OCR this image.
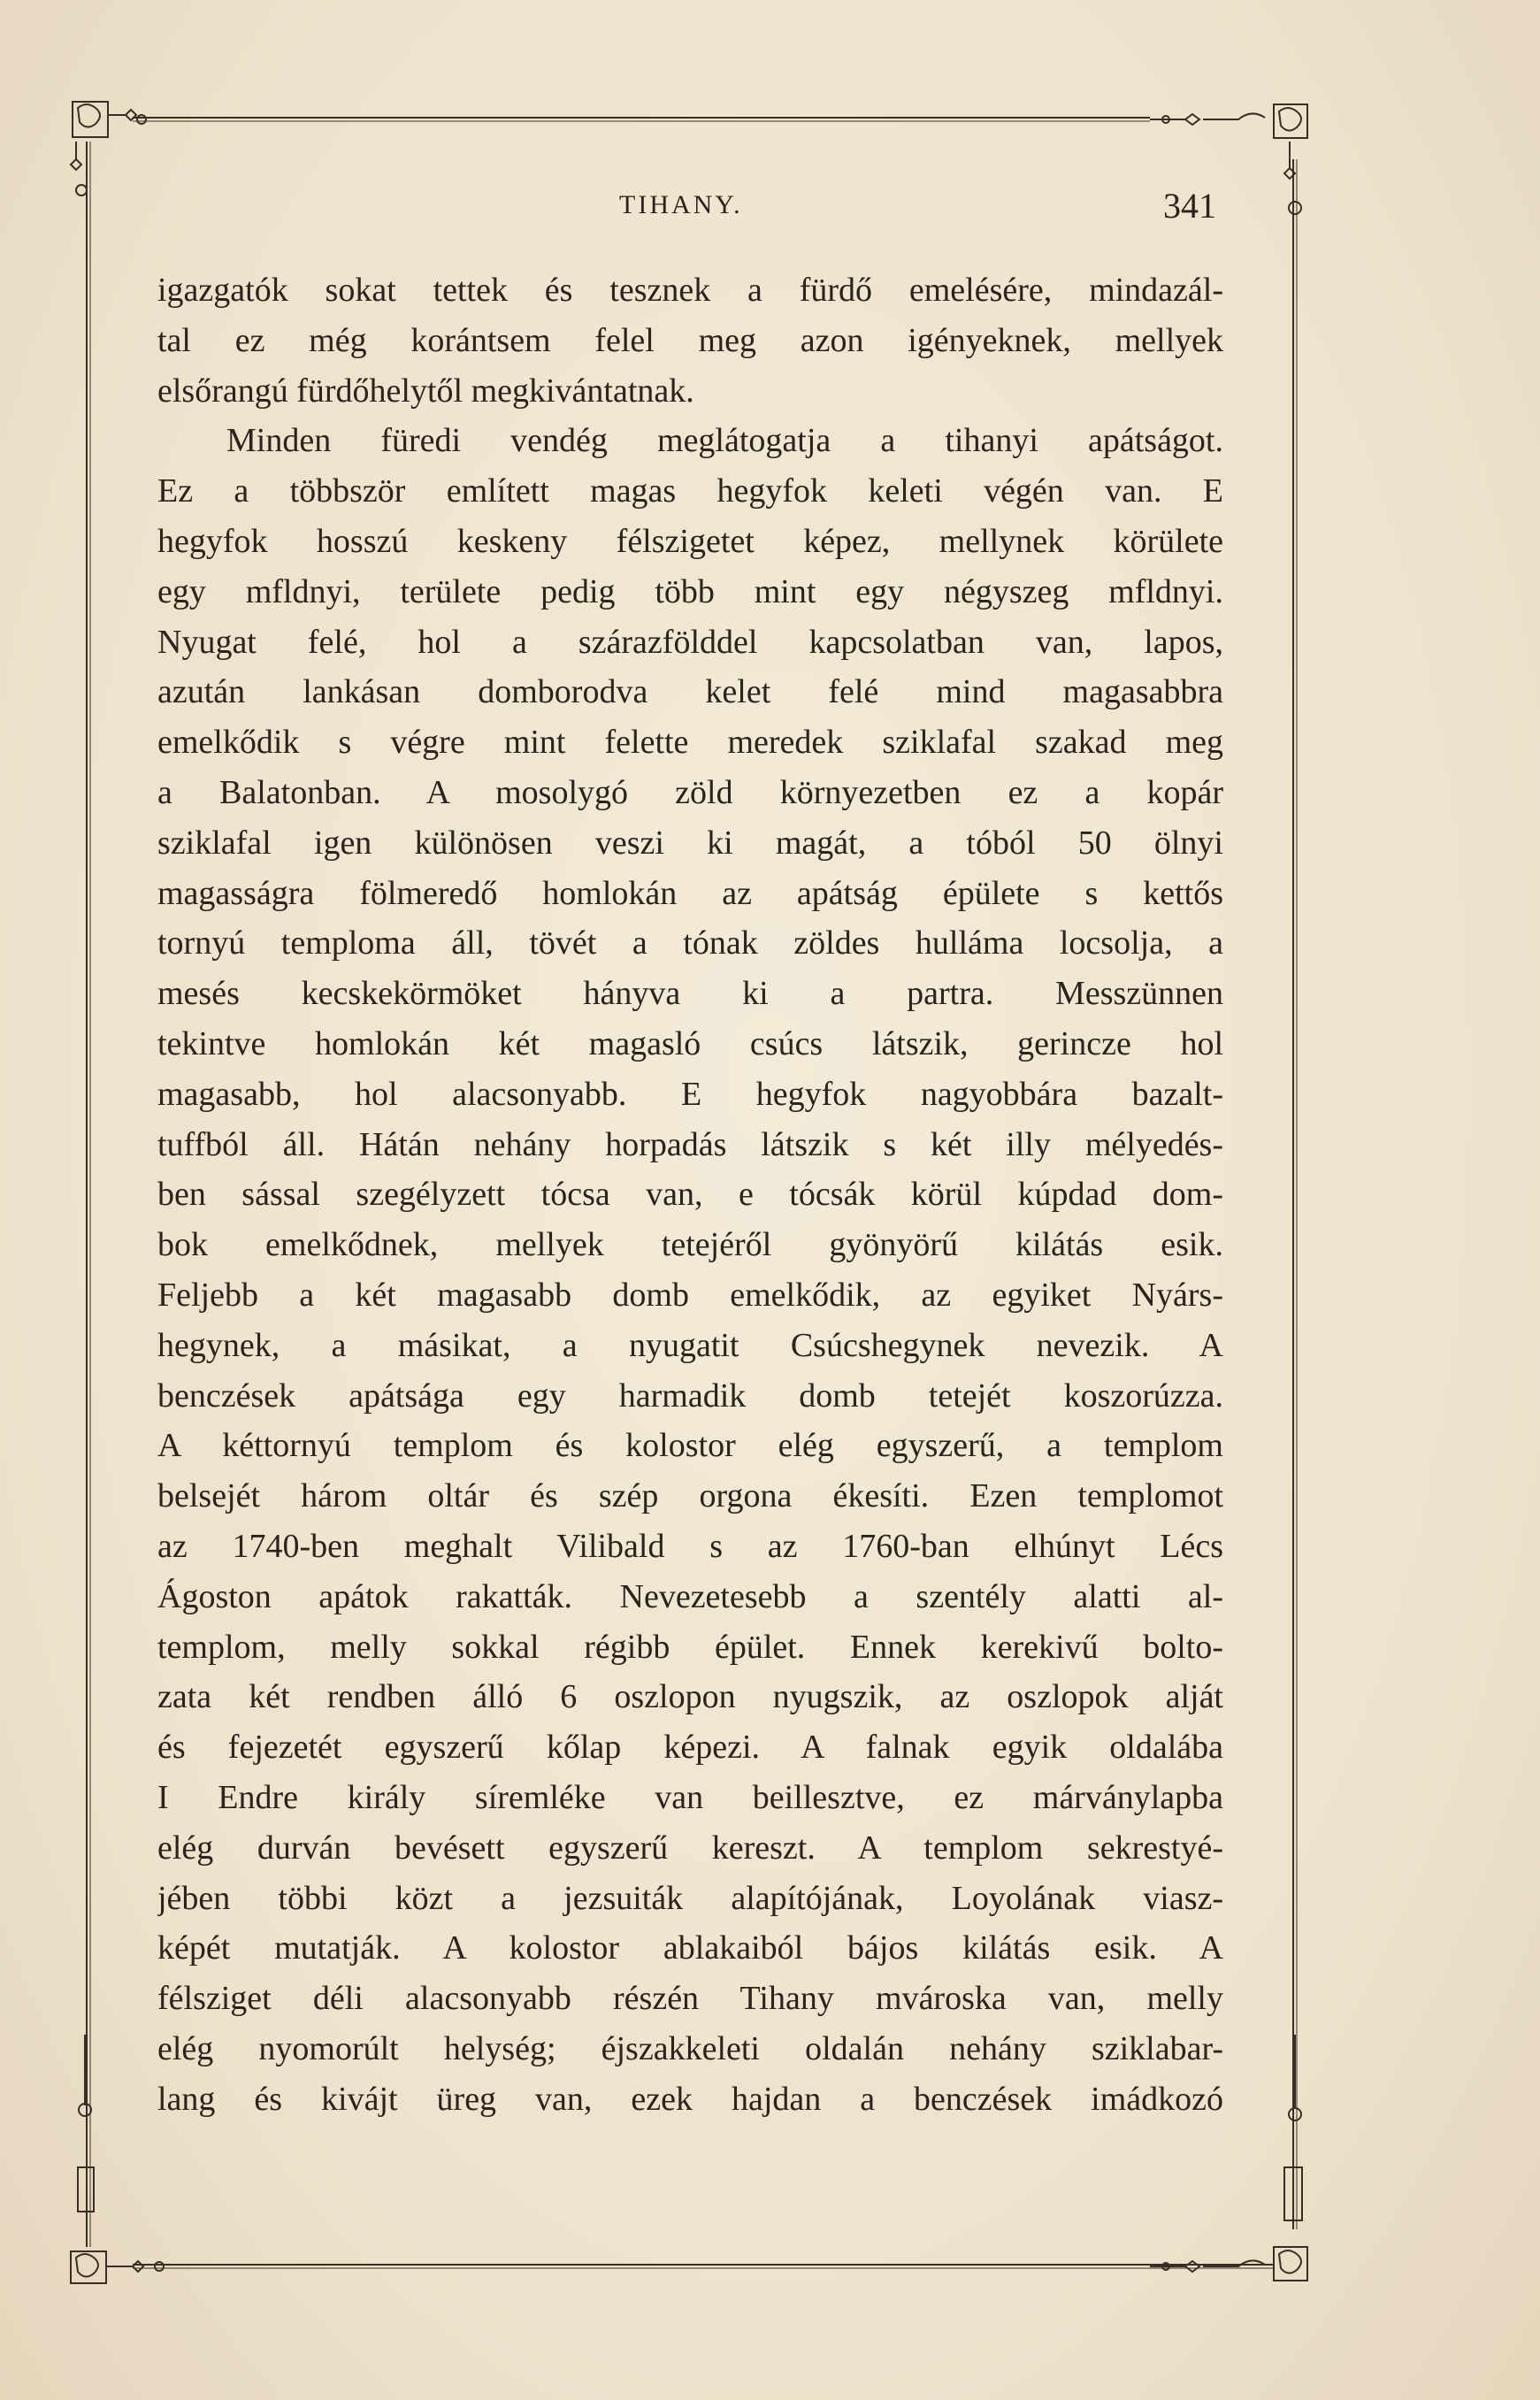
TIHANY.	341
igazgatók sokat tettek és tesznek a fürdő emelésére, mindazál-
tal ez még korántsem felel meg azon igényeknek, mellyek
elsőrangú fürdőhelytől megkivántatnak.
Minden füredi vendég meglátogatja a tihanyi apátságot.
Ez a többször említett magas hegyfok keleti végén van. E
hegyfok hosszú keskeny félszigetet képez, mellynek körülete
egy mfldnyi, területe pedig több mint egy négyszeg mfldnyi.
Nyugat felé, hol a szárazfölddel kapcsolatban van, lapos,
azután lankásan domborodva kelet felé mind magasabbra
emelkődik s végre mint felette meredek sziklafal szakad meg
a Balatonban. A mosolygó zöld környezetben ez a kopár
sziklafal igen különösen veszi ki magát, a tóból 50 ölnyi
magasságra fölmeredő homlokán az apátság épülete s kettős
tornyú temploma áll, tövét a tónak zöldes hulláma locsolja, a
mesés kecskekörmöket hányva ki a partra. Messzünnen
tekintve homlokán két magasló csúcs látszik, gerincze hol
magasabb, hol alacsonyabb. E hegyfok nagyobbára bazalt-
tuffból áll. Hátán nehány horpadás látszik s két illy mélyedés-
ben sással szegélyzett tócsa van, e tócsák körül kúpdad dom-
bok emelkődnek, mellyek tetejéről gyönyörű kilátás esik.
Feljebb a két magasabb domb emelkődik, az egyiket Nyárs-
hegynek, a másikat, a nyugatit Csúcshegynek nevezik. A
benczések apátsága egy harmadik domb tetejét koszorúzza.
A kéttornyú templom és kolostor elég egyszerű, a templom
belsejét három oltár és szép orgona ékesíti. Ezen templomot
az 1740-ben meghalt Vilibald s az 1760-ban elhúnyt Lécs
Ágoston apátok rakatták. Nevezetesebb a szentély alatti al-
templom, melly sokkal régibb épület. Ennek kerekivű bolto-
zata két rendben álló 6 oszlopon nyugszik, az oszlopok alját
és fejezetét egyszerű kőlap képezi. A falnak egyik oldalába
I Endre király síremléke van beillesztve, ez márványlapba
elég durván bevésett egyszerű kereszt. A templom sekrestyé-
jében többi közt a jezsuiták alapítójának, Loyolának viasz-
képét mutatják. A kolostor ablakaiból bájos kilátás esik. A
félsziget déli alacsonyabb részén Tihany mvároska van, melly
elég nyomorúlt helység; éjszakkeleti oldalán nehány sziklabar-
lang és kivájt üreg van, ezek hajdan a benczések imádkozó
